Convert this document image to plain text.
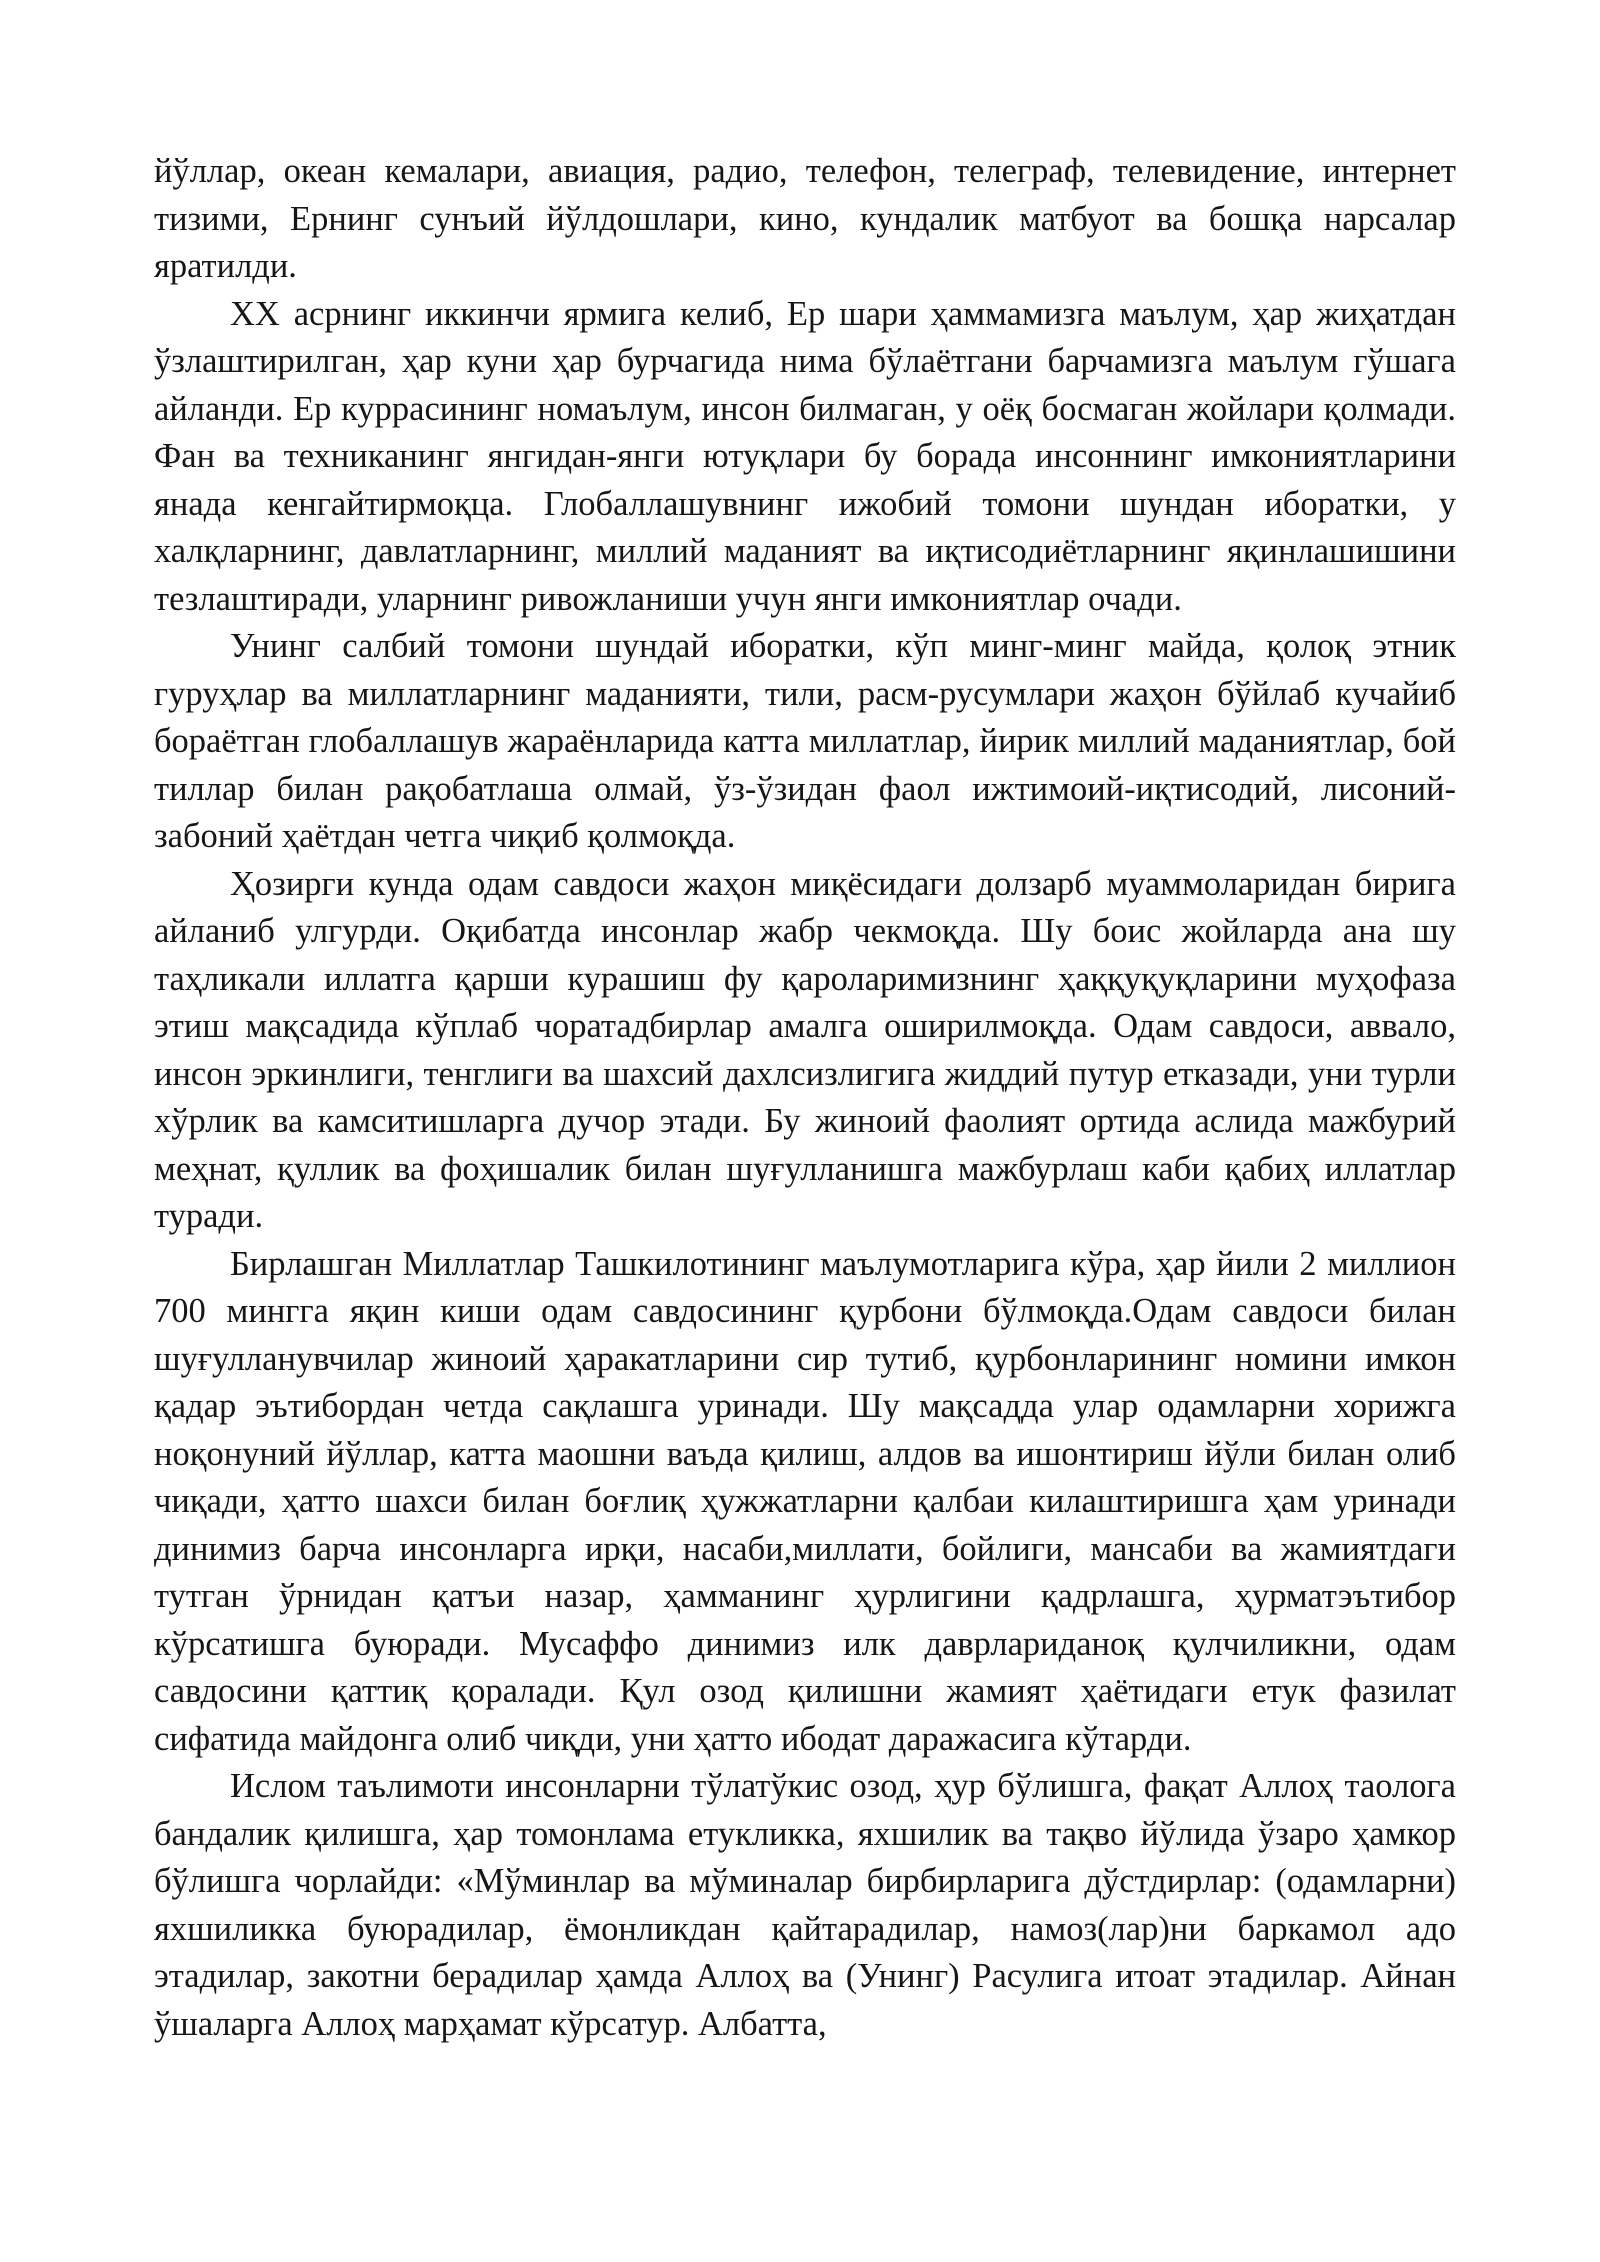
йўллар, океан кемалари, авиация, радио, телефон, телеграф, телевидение, интернет тизими, Ернинг сунъий йўлдошлари, кино, кундалик матбуот ва бошқа нарсалар яратилди.

XX асрнинг иккинчи ярмига келиб, Ер шари ҳаммамизга маълум, ҳар жиҳатдан ўзлаштирилган, ҳар куни ҳар бурчагида нима бўлаётгани барчамизга маълум гўшага айланди. Ер куррасининг номаълум, инсон билмаган, у оёқ босмаган жойлари қолмади. Фан ва техниканинг янгидан-янги ютуқлари бу борада инсоннинг имкониятларини янада кенгайтирмоқца. Глобаллашувнинг ижобий томони шундан иборатки, у халқларнинг, давлатларнинг, миллий маданият ва иқтисодиётларнинг яқинлашишини тезлаштиради, уларнинг ривожланиши учун янги имкониятлар очади.

Унинг салбий томони шундай иборатки, кўп минг-минг майда, қолоқ этник гуруҳлар ва миллатларнинг маданияти, тили, расм-русумлари жаҳон бўйлаб кучайиб бораётган глобаллашув жараёнларида катта миллатлар, йирик миллий маданиятлар, бой тиллар билан рақобатлаша олмай, ўз-ўзидан фаол ижтимоий-иқтисодий, лисоний-забоний ҳаётдан четга чиқиб қолмоқда.

Ҳозирги кунда одам савдоси жаҳон миқёсидаги долзарб муаммоларидан бирига айланиб улгурди. Оқибатда инсонлар жабр чекмоқда. Шу боис жойларда ана шу таҳликали иллатга қарши курашиш фу қароларимизнинг ҳаққуқуқларини муҳофаза этиш мақсадида кўплаб чоратадбирлар амалга оширилмоқда. Одам савдоси, аввало, инсон эркинлиги, тенглиги ва шахсий дахлсизлигига жиддий путур етказади, уни турли хўрлик ва камситишларга дучор этади. Бу жиноий фаолият ортида аслида мажбурий меҳнат, қуллик ва фоҳишалик билан шуғулланишга мажбурлаш каби қабиҳ иллатлар туради.

Бирлашган Миллатлар Ташкилотининг маълумотларига кўра, ҳар йили 2 миллион 700 мингга яқин киши одам савдосининг қурбони бўлмоқда.Одам савдоси билан шуғулланувчилар жиноий ҳаракатларини сир тутиб, қурбонларининг номини имкон қадар эътибордан четда сақлашга уринади. Шу мақсадда улар одамларни хорижга ноқонуний йўллар, катта маошни ваъда қилиш, алдов ва ишонтириш йўли билан олиб чиқади, ҳатто шахси билан боғлиқ ҳужжатларни қалбаи килаштиришга ҳам уринади динимиз барча инсонларга ирқи, насаби,миллати, бойлиги, мансаби ва жамиятдаги тутган ўрнидан қатъи назар, ҳамманинг ҳурлигини қадрлашга, ҳурматэътибор кўрсатишга буюради. Мусаффо динимиз илк даврлариданоқ қулчиликни, одам савдосини қаттиқ қоралади. Қул озод қилишни жамият ҳаётидаги етук фазилат сифатида майдонга олиб чиқди, уни ҳатто ибодат даражасига кўтарди.

Ислом таълимоти инсонларни тўлатўкис озод, ҳур бўлишга, фақат Аллоҳ таолога бандалик қилишга, ҳар томонлама етукликка, яхшилик ва тақво йўлида ўзаро ҳамкор бўлишга чорлайди: «Мўминлар ва мўминалар бирбирларига дўстдирлар: (одамларни) яхшиликка буюрадилар, ёмонликдан қайтарадилар, намоз(лар)ни баркамол адо этадилар, закотни берадилар ҳамда Аллоҳ ва (Унинг) Расулига итоат этадилар. Айнан ўшаларга Аллоҳ марҳамат кўрсатур. Албатта,
